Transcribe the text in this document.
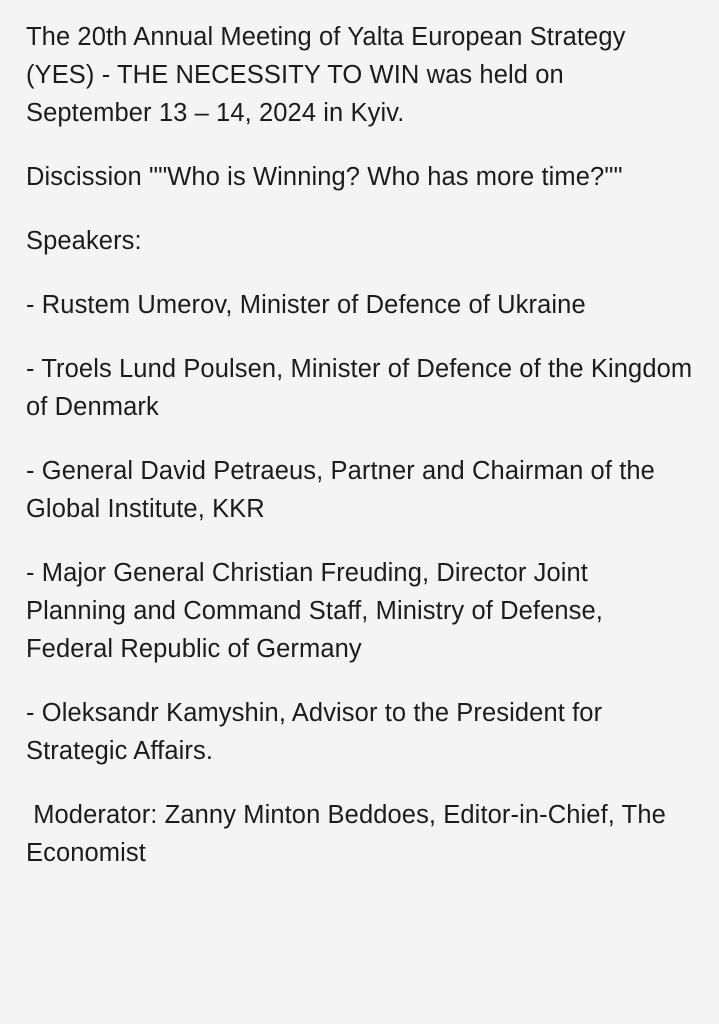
The 20th Annual Meeting of Yalta European Strategy (YES) - THE NECESSITY TO WIN was held on September 13 – 14, 2024 in Kyiv.

Discission ""Who is Winning? Who has more time?""

Speakers:

- Rustem Umerov, Minister of Defence of Ukraine

- Troels Lund Poulsen, Minister of Defence of the Kingdom of Denmark

- General David Petraeus, Partner and Chairman of the Global Institute, KKR

- Major General Christian Freuding, Director Joint Planning and Command Staff, Ministry of Defense, Federal Republic of Germany

- Oleksandr Kamyshin, Advisor to the President for Strategic Affairs.

Moderator: Zanny Minton Beddoes, Editor-in-Chief, The Economist
